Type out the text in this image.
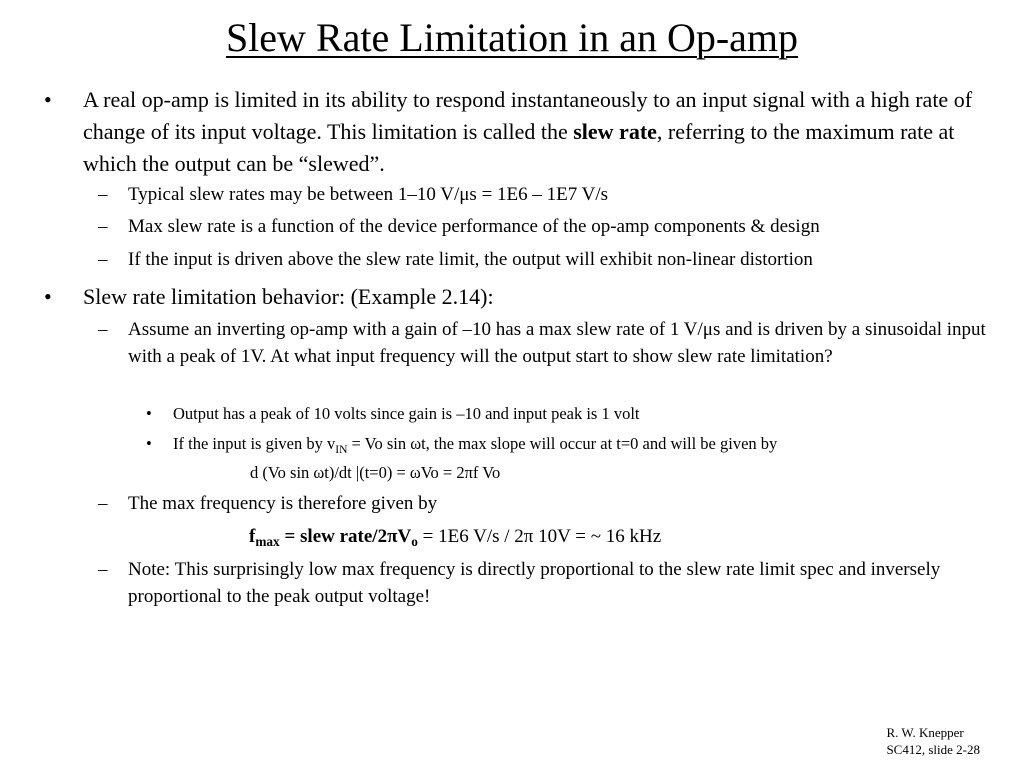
Slew Rate Limitation in an Op-amp
• A real op-amp is limited in its ability to respond instantaneously to an input signal with a high rate of change of its input voltage. This limitation is called the slew rate, referring to the maximum rate at which the output can be “slewed”.
– Typical slew rates may be between 1–10 V/μs = 1E6 – 1E7 V/s
– Max slew rate is a function of the device performance of the op-amp components & design
– If the input is driven above the slew rate limit, the output will exhibit non-linear distortion
• Slew rate limitation behavior: (Example 2.14):
– Assume an inverting op-amp with a gain of –10 has a max slew rate of 1 V/μs and is driven by a sinusoidal input with a peak of 1V. At what input frequency will the output start to show slew rate limitation?
• Output has a peak of 10 volts since gain is –10 and input peak is 1 volt
• If the input is given by $v_{IN} = Vo$ sin ωt, the max slope will occur at t=0 and will be given by
d (Vo sin ωt)/dt |(t=0) = ωVo = 2πf Vo
– The max frequency is therefore given by
$f_{max}$ = slew rate/$2\pi V_o = 1E6$ V/s / 2π 10V = ~ 16 kHz
– Note: This surprisingly low max frequency is directly proportional to the slew rate limit spec and inversely proportional to the peak output voltage!
R. W. Knepper
SC412, slide 2-28
